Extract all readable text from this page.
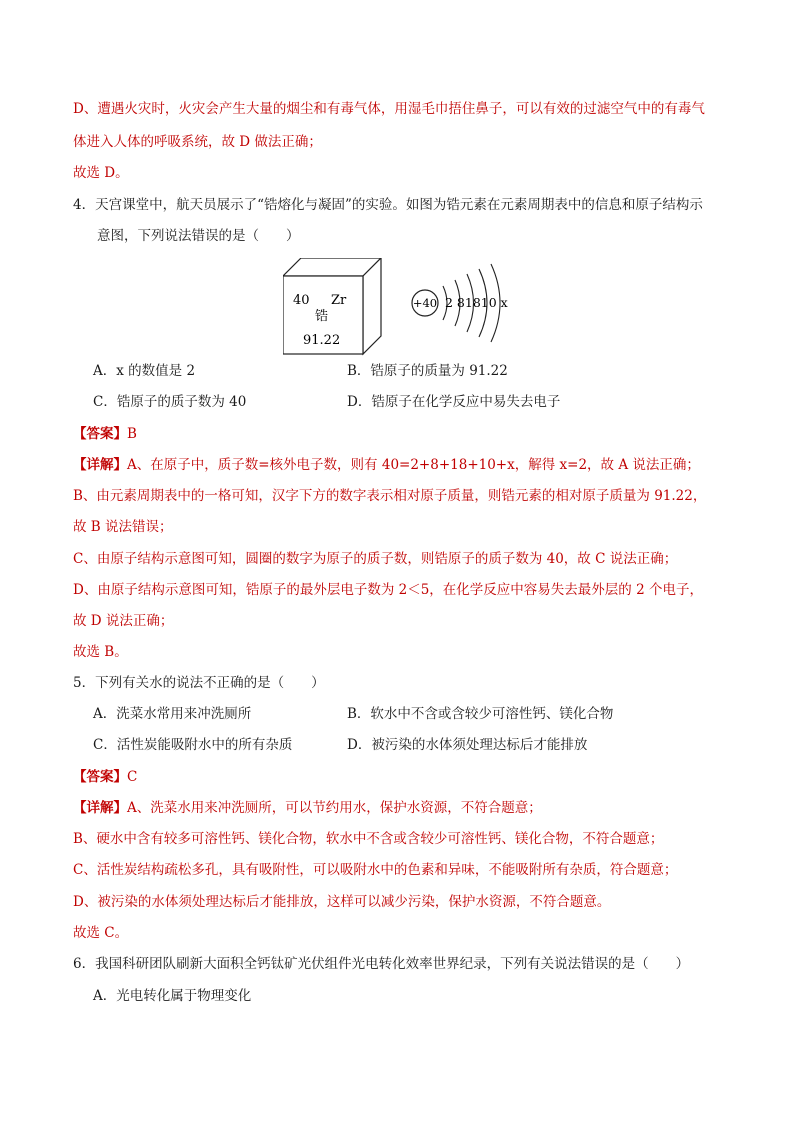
D、遭遇火灾时，火灾会产生大量的烟尘和有毒气体，用湿毛巾捂住鼻子，可以有效的过滤空气中的有毒气
体进入人体的呼吸系统，故 D 做法正确；
故选 D。
4．天宫课堂中，航天员展示了“锆熔化与凝固”的实验。如图为锆元素在元素周期表中的信息和原子结构示
意图，下列说法错误的是（　　）
40 Zr
锆
91.22
+40 2 81810 x
A．x 的数值是 2	B．锆原子的质量为 91.22
C．锆原子的质子数为 40	D．锆原子在化学反应中易失去电子
【答案】B
【详解】A、在原子中，质子数=核外电子数，则有 40=2+8+18+10+x，解得 x=2，故 A 说法正确；
B、由元素周期表中的一格可知，汉字下方的数字表示相对原子质量，则锆元素的相对原子质量为 91.22，
故 B 说法错误；
C、由原子结构示意图可知，圆圈的数字为原子的质子数，则锆原子的质子数为 40，故 C 说法正确；
D、由原子结构示意图可知，锆原子的最外层电子数为 2＜5，在化学反应中容易失去最外层的 2 个电子，
故 D 说法正确；
故选 B。
5．下列有关水的说法不正确的是（　　）
A．洗菜水常用来冲洗厕所	B．软水中不含或含较少可溶性钙、镁化合物
C．活性炭能吸附水中的所有杂质	D．被污染的水体须处理达标后才能排放
【答案】C
【详解】A、洗菜水用来冲洗厕所，可以节约用水，保护水资源，不符合题意；
B、硬水中含有较多可溶性钙、镁化合物，软水中不含或含较少可溶性钙、镁化合物，不符合题意；
C、活性炭结构疏松多孔，具有吸附性，可以吸附水中的色素和异味，不能吸附所有杂质，符合题意；
D、被污染的水体须处理达标后才能排放，这样可以减少污染，保护水资源，不符合题意。
故选 C。
6．我国科研团队刷新大面积全钙钛矿光伏组件光电转化效率世界纪录，下列有关说法错误的是（　　）
A．光电转化属于物理变化
